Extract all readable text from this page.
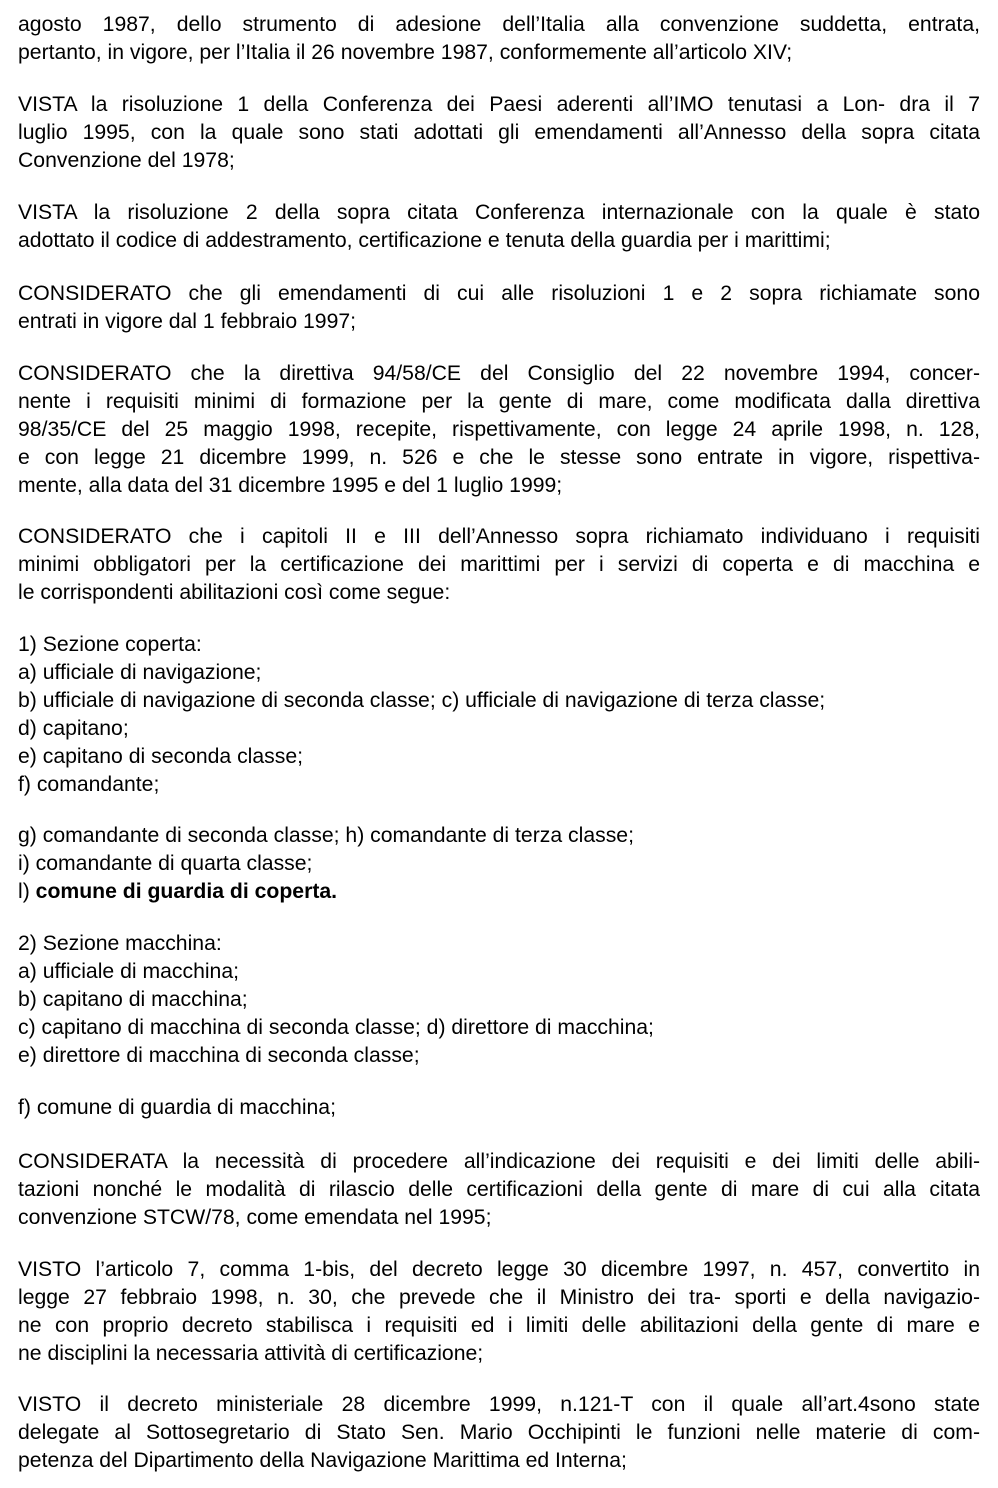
agosto 1987, dello strumento di adesione dell’Italia alla convenzione suddetta, entrata,
pertanto, in vigore, per l’Italia il 26 novembre 1987, conformemente all’articolo XIV;
VISTA la risoluzione 1 della Conferenza dei Paesi aderenti all’IMO tenutasi a Lon- dra il 7
luglio 1995, con la quale sono stati adottati gli emendamenti all’Annesso della sopra citata
Convenzione del 1978;
VISTA la risoluzione 2 della sopra citata Conferenza internazionale con la quale è stato
adottato il codice di addestramento, certificazione e tenuta della guardia per i marittimi;
CONSIDERATO che gli emendamenti di cui alle risoluzioni 1 e 2 sopra richiamate sono
entrati in vigore dal 1 febbraio 1997;
CONSIDERATO che la direttiva 94/58/CE del Consiglio del 22 novembre 1994, concer-
nente i requisiti minimi di formazione per la gente di mare, come modificata dalla direttiva
98/35/CE del 25 maggio 1998, recepite, rispettivamente, con legge 24 aprile 1998, n. 128,
e con legge 21 dicembre 1999, n. 526 e che le stesse sono entrate in vigore, rispettiva-
mente, alla data del 31 dicembre 1995 e del 1 luglio 1999;
CONSIDERATO che i capitoli II e III dell’Annesso sopra richiamato individuano i requisiti
minimi obbligatori per la certificazione dei marittimi per i servizi di coperta e di macchina e
le corrispondenti abilitazioni così come segue:
1) Sezione coperta:
a) ufficiale di navigazione;
b) ufficiale di navigazione di seconda classe; c) ufficiale di navigazione di terza classe;
d) capitano;
e) capitano di seconda classe;
f) comandante;
g) comandante di seconda classe; h) comandante di terza classe;
i) comandante di quarta classe;
l) comune di guardia di coperta.
2) Sezione macchina:
a) ufficiale di macchina;
b) capitano di macchina;
c) capitano di macchina di seconda classe; d) direttore di macchina;
e) direttore di macchina di seconda classe;
f) comune di guardia di macchina;
CONSIDERATA la necessità di procedere all’indicazione dei requisiti e dei limiti delle abili-
tazioni nonché le modalità di rilascio delle certificazioni della gente di mare di cui alla citata
convenzione STCW/78, come emendata nel 1995;
VISTO l’articolo 7, comma 1-bis, del decreto legge 30 dicembre 1997, n. 457, convertito in
legge 27 febbraio 1998, n. 30, che prevede che il Ministro dei tra- sporti e della navigazio-
ne con proprio decreto stabilisca i requisiti ed i limiti delle abilitazioni della gente di mare e
ne disciplini la necessaria attività di certificazione;
VISTO il decreto ministeriale 28 dicembre 1999, n.121-T con il quale all’art.4sono state
delegate al Sottosegretario di Stato Sen. Mario Occhipinti le funzioni nelle materie di com-
petenza del Dipartimento della Navigazione Marittima ed Interna;
